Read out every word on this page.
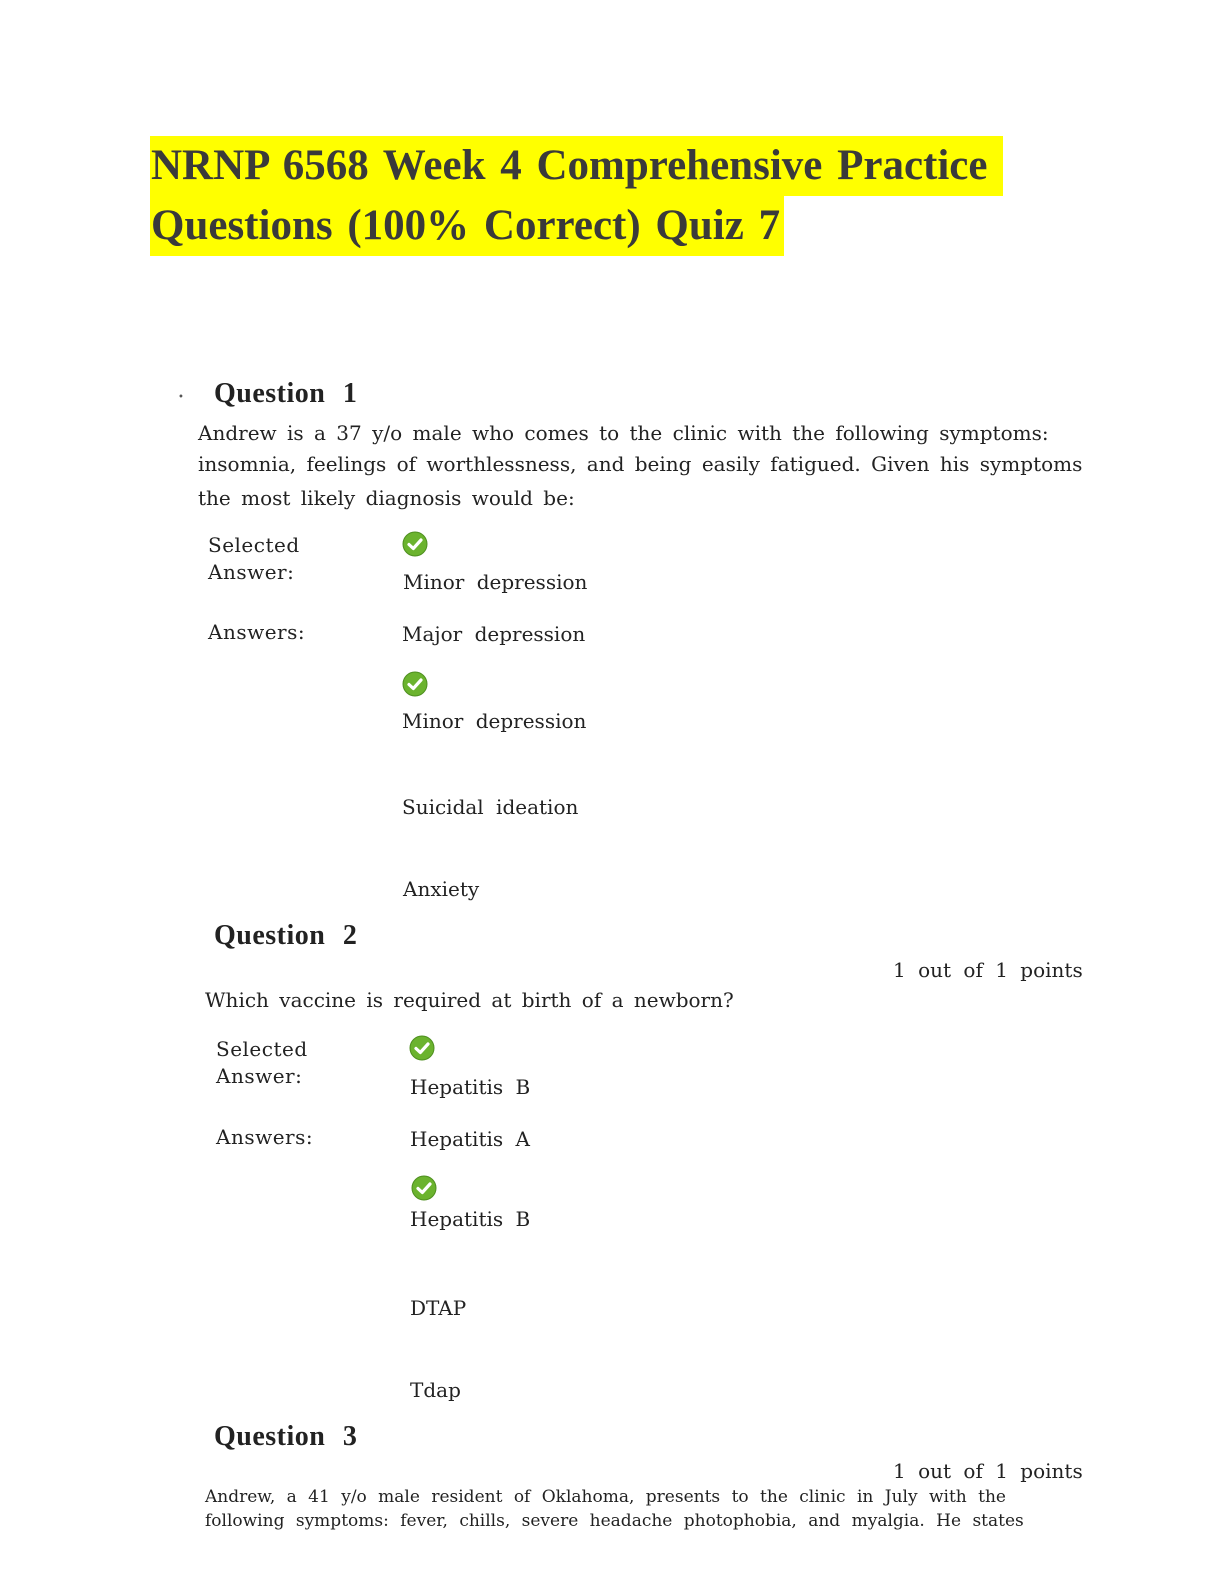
NRNP 6568 Week 4 Comprehensive Practice
Questions (100% Correct) Quiz 7
• Question 1
Andrew is a 37 y/o male who comes to the clinic with the following symptoms:
insomnia, feelings of worthlessness, and being easily fatigued. Given his symptoms
the most likely diagnosis would be:
Selected
Answer:	Minor depression
Answers:	Major depression
Minor depression
Suicidal ideation
Anxiety
Question 2
1 out of 1 points
Which vaccine is required at birth of a newborn?
Selected
Answer:	Hepatitis B
Answers:	Hepatitis A
Hepatitis B
DTAP
Tdap
Question 3
1 out of 1 points
Andrew, a 41 y/o male resident of Oklahoma, presents to the clinic in July with the
following symptoms: fever, chills, severe headache photophobia, and myalgia. He states
